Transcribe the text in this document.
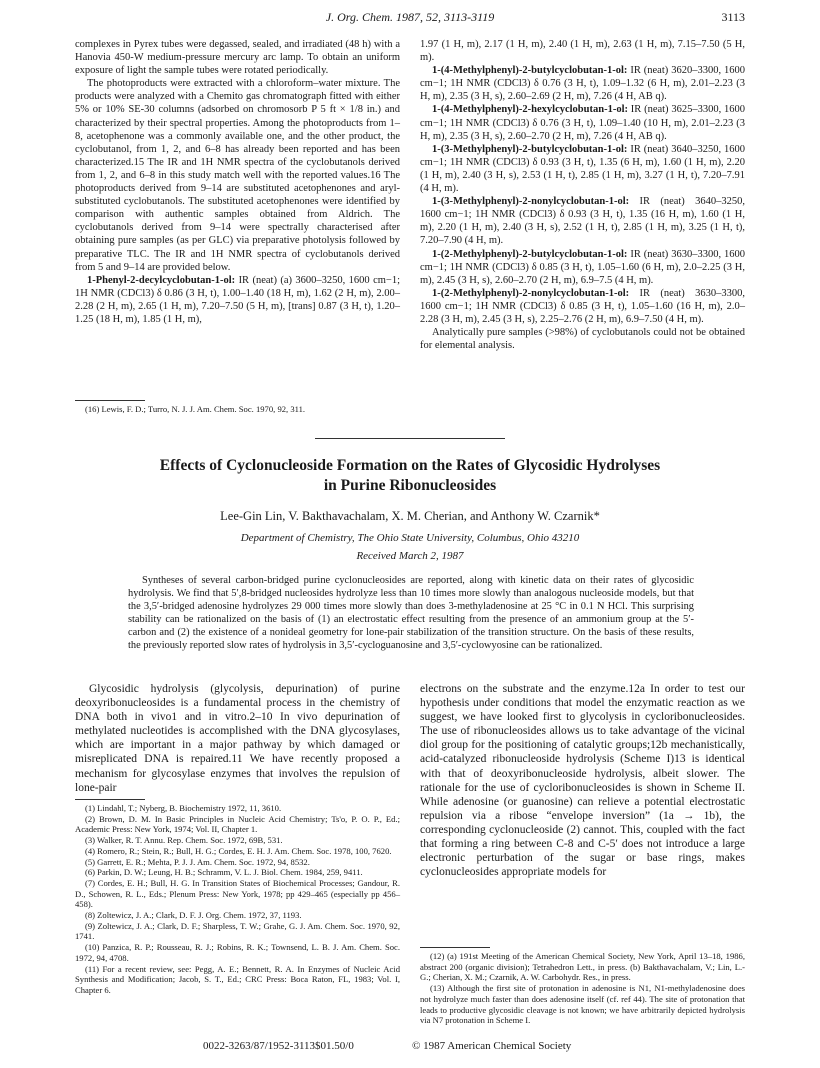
J. Org. Chem. 1987, 52, 3113-3119	3113

complexes in Pyrex tubes were degassed, sealed, and irradiated (48 h) with a Hanovia 450-W medium-pressure mercury arc lamp. To obtain an uniform exposure of light the sample tubes were rotated periodically.

The photoproducts were extracted with a chloroform–water mixture. The products were analyzed with a Chemito gas chromatograph fitted with either 5% or 10% SE-30 columns (adsorbed on chromosorb P 5 ft × 1/8 in.) and characterized by their spectral properties. Among the photoproducts from 1–8, acetophenone was a commonly available one, and the other product, the cyclobutanol, from 1, 2, and 6–8 has already been reported and has been characterized.15 The IR and 1H NMR spectra of the cyclobutanols derived from 1, 2, and 6–8 in this study match well with the reported values.16 The photoproducts derived from 9–14 are substituted acetophenones and aryl-substituted cyclobutanols. The substituted acetophenones were identified by comparison with authentic samples obtained from Aldrich. The cyclobutanols derived from 9–14 were spectrally characterised after obtaining pure samples (as per GLC) via preparative photolysis followed by preparative TLC. The IR and 1H NMR spectra of cyclobutanols derived from 5 and 9–14 are provided below.

1-Phenyl-2-decylcyclobutan-1-ol: IR (neat) (a) 3600–3250, 1600 cm−1; 1H NMR (CDCl3) δ 0.86 (3 H, t), 1.00–1.40 (18 H, m), 1.62 (2 H, m), 2.00–2.28 (2 H, m), 2.65 (1 H, m), 7.20–7.50 (5 H, m), [trans] 0.87 (3 H, t), 1.20–1.25 (18 H, m), 1.85 (1 H, m),

(16) Lewis, F. D.; Turro, N. J. J. Am. Chem. Soc. 1970, 92, 311.

1.97 (1 H, m), 2.17 (1 H, m), 2.40 (1 H, m), 2.63 (1 H, m), 7.15–7.50 (5 H, m).

1-(4-Methylphenyl)-2-butylcyclobutan-1-ol: IR (neat) 3620–3300, 1600 cm−1; 1H NMR (CDCl3) δ 0.76 (3 H, t), 1.09–1.32 (6 H, m), 2.01–2.23 (3 H, m), 2.35 (3 H, s), 2.60–2.69 (2 H, m), 7.26 (4 H, AB q).

1-(4-Methylphenyl)-2-hexylcyclobutan-1-ol: IR (neat) 3625–3300, 1600 cm−1; 1H NMR (CDCl3) δ 0.76 (3 H, t), 1.09–1.40 (10 H, m), 2.01–2.23 (3 H, m), 2.35 (3 H, s), 2.60–2.70 (2 H, m), 7.26 (4 H, AB q).

1-(3-Methylphenyl)-2-butylcyclobutan-1-ol: IR (neat) 3640–3250, 1600 cm−1; 1H NMR (CDCl3) δ 0.93 (3 H, t), 1.35 (6 H, m), 1.60 (1 H, m), 2.20 (1 H, m), 2.40 (3 H, s), 2.53 (1 H, t), 2.85 (1 H, m), 3.27 (1 H, t), 7.20–7.91 (4 H, m).

1-(3-Methylphenyl)-2-nonylcyclobutan-1-ol: IR (neat) 3640–3250, 1600 cm−1; 1H NMR (CDCl3) δ 0.93 (3 H, t), 1.35 (16 H, m), 1.60 (1 H, m), 2.20 (1 H, m), 2.40 (3 H, s), 2.52 (1 H, t), 2.85 (1 H, m), 3.25 (1 H, t), 7.20–7.90 (4 H, m).

1-(2-Methylphenyl)-2-butylcyclobutan-1-ol: IR (neat) 3630–3300, 1600 cm−1; 1H NMR (CDCl3) δ 0.85 (3 H, t), 1.05–1.60 (6 H, m), 2.0–2.25 (3 H, m), 2.45 (3 H, s), 2.60–2.70 (2 H, m), 6.9–7.5 (4 H, m).

1-(2-Methylphenyl)-2-nonylcyclobutan-1-ol: IR (neat) 3630–3300, 1600 cm−1; 1H NMR (CDCl3) δ 0.85 (3 H, t), 1.05–1.60 (16 H, m), 2.0–2.28 (3 H, m), 2.45 (3 H, s), 2.25–2.76 (2 H, m), 6.9–7.50 (4 H, m).

Analytically pure samples (>98%) of cyclobutanols could not be obtained for elemental analysis.

Effects of Cyclonucleoside Formation on the Rates of Glycosidic Hydrolyses
in Purine Ribonucleosides
Lee-Gin Lin, V. Bakthavachalam, X. M. Cherian, and Anthony W. Czarnik*
Department of Chemistry, The Ohio State University, Columbus, Ohio 43210
Received March 2, 1987
Syntheses of several carbon-bridged purine cyclonucleosides are reported, along with kinetic data on their rates of glycosidic hydrolysis. We find that 5′,8-bridged nucleosides hydrolyze less than 10 times more slowly than analogous nucleoside models, but that the 3,5′-bridged adenosine hydrolyzes 29 000 times more slowly than does 3-methyladenosine at 25 °C in 0.1 N HCl. This surprising stability can be rationalized on the basis of (1) an electrostatic effect resulting from the presence of an ammonium group at the 5′-carbon and (2) the existence of a nonideal geometry for lone-pair stabilization of the transition structure. On the basis of these results, the previously reported slow rates of hydrolysis in 3,5′-cycloguanosine and 3,5′-cyclowyosine can be rationalized.

Glycosidic hydrolysis (glycolysis, depurination) of purine deoxyribonucleosides is a fundamental process in the chemistry of DNA both in vivo1 and in vitro.2–10 In vivo depurination of methylated nucleotides is accomplished with the DNA glycosylases, which are important in a major pathway by which damaged or misreplicated DNA is repaired.11 We have recently proposed a mechanism for glycosylase enzymes that involves the repulsion of lone-pair

(1) Lindahl, T.; Nyberg, B. Biochemistry 1972, 11, 3610.

(2) Brown, D. M. In Basic Principles in Nucleic Acid Chemistry; Ts'o, P. O. P., Ed.; Academic Press: New York, 1974; Vol. II, Chapter 1.

(3) Walker, R. T. Annu. Rep. Chem. Soc. 1972, 69B, 531.

(4) Romero, R.; Stein, R.; Bull, H. G.; Cordes, E. H. J. Am. Chem. Soc. 1978, 100, 7620.

(5) Garrett, E. R.; Mehta, P. J. J. Am. Chem. Soc. 1972, 94, 8532.

(6) Parkin, D. W.; Leung, H. B.; Schramm, V. L. J. Biol. Chem. 1984, 259, 9411.

(7) Cordes, E. H.; Bull, H. G. In Transition States of Biochemical Processes; Gandour, R. D., Schowen, R. L., Eds.; Plenum Press: New York, 1978; pp 429–465 (especially pp 456–458).

(8) Zoltewicz, J. A.; Clark, D. F. J. Org. Chem. 1972, 37, 1193.

(9) Zoltewicz, J. A.; Clark, D. F.; Sharpless, T. W.; Grahe, G. J. Am. Chem. Soc. 1970, 92, 1741.

(10) Panzica, R. P.; Rousseau, R. J.; Robins, R. K.; Townsend, L. B. J. Am. Chem. Soc. 1972, 94, 4708.

(11) For a recent review, see: Pegg, A. E.; Bennett, R. A. In Enzymes of Nucleic Acid Synthesis and Modification; Jacob, S. T., Ed.; CRC Press: Boca Raton, FL, 1983; Vol. I, Chapter 6.

electrons on the substrate and the enzyme.12a In order to test our hypothesis under conditions that model the enzymatic reaction as we suggest, we have looked first to glycolysis in cycloribonucleosides. The use of ribonucleosides allows us to take advantage of the vicinal diol group for the positioning of catalytic groups;12b mechanistically, acid-catalyzed ribonucleoside hydrolysis (Scheme I)13 is identical with that of deoxyribonucleoside hydrolysis, albeit slower. The rationale for the use of cycloribonucleosides is shown in Scheme II. While adenosine (or guanosine) can relieve a potential electrostatic repulsion via a ribose “envelope inversion” (1a → 1b), the corresponding cyclonucleoside (2) cannot. This, coupled with the fact that forming a ring between C-8 and C-5′ does not introduce a large electronic perturbation of the sugar or base rings, makes cyclonucleosides appropriate models for

(12) (a) 191st Meeting of the American Chemical Society, New York, April 13–18, 1986, abstract 200 (organic division); Tetrahedron Lett., in press. (b) Bakthavachalam, V.; Lin, L.-G.; Cherian, X. M.; Czarnik, A. W. Carbohydr. Res., in press.

(13) Although the first site of protonation in adenosine is N1, N1-methyladenosine does not hydrolyze much faster than does adenosine itself (cf. ref 44). The site of protonation that leads to productive glycosidic cleavage is not known; we have arbitrarily depicted hydrolysis via N7 protonation in Scheme I.

0022-3263/87/1952-3113$01.50/0	© 1987 American Chemical Society
